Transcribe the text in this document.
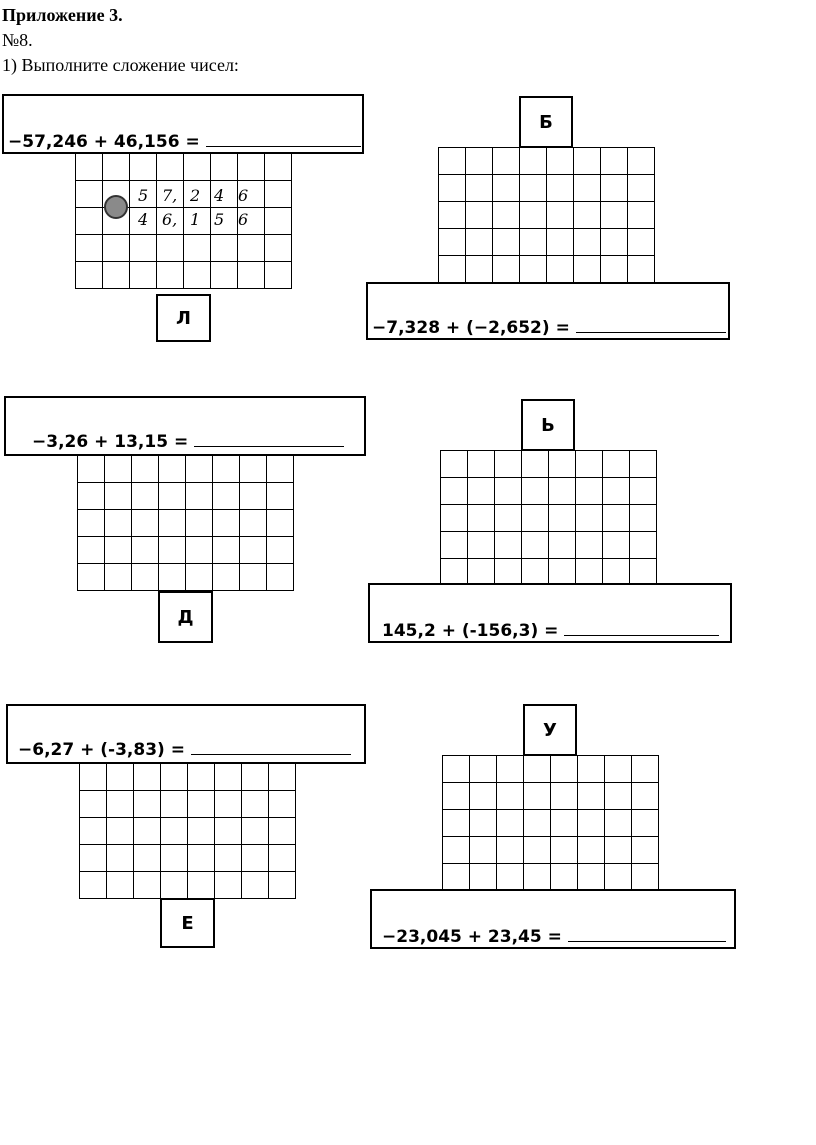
Приложение 3.
№8.
1) Выполните сложение чисел:
−57,246 + 46,156 =

5 7, 2 4 6
4 6, 1 5 6
Л
Б

−7,328 + (−2,652) =
−3,26 + 13,15 =

Д
Ь

145,2 + (-156,3) =
−6,27 + (-3,83) =

Е
У

−23,045 + 23,45 =
